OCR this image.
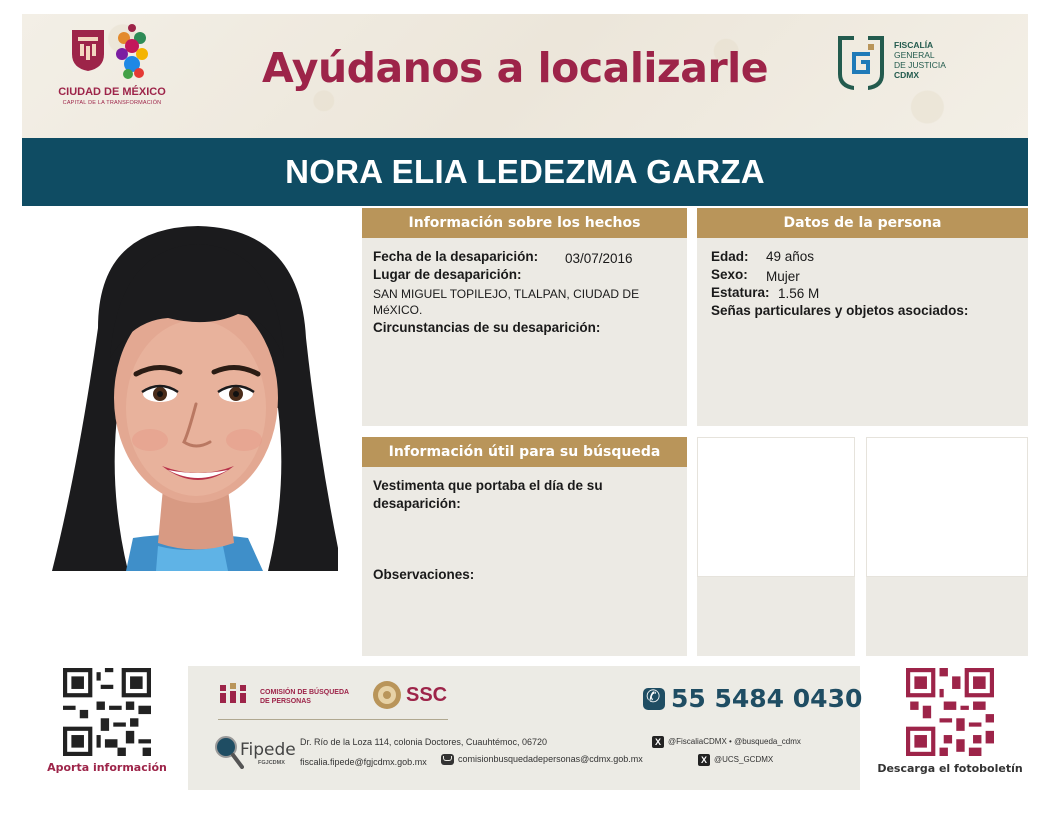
CIUDAD DE MÉXICO
CAPITAL DE LA TRANSFORMACIÓN
Ayúdanos a localizarle	FISCALÍA
GENERAL
DE JUSTICIA
CDMX
NORA ELIA LEDEZMA GARZA
Información sobre los hechos
Fecha de la desaparición: 03/07/2016
Lugar de desaparición:
SAN MIGUEL TOPILEJO, TLALPAN, CIUDAD DE
MéXICO.
Circunstancias de su desaparición:
Datos de la persona
Edad: 49 años
Sexo: Mujer
Estatura: 1.56 M
Señas particulares y objetos asociados:
Información útil para su búsqueda
Vestimenta que portaba el día de su
desaparición:
Observaciones:
Aporta información
COMISIÓN DE BÚSQUEDA
DE PERSONAS	SSC
Fipede
FGJCDMX
Dr. Río de la Loza 114, colonia Doctores, Cuauhtémoc, 06720
fiscalia.fipede@fgjcdmx.gob.mx	comisionbusquedadepersonas@cdmx.gob.mx
✆55 5484 0430
X @FiscaliaCDMX • @busqueda_cdmx
X @UCS_GCDMX
Descarga el fotoboletín
